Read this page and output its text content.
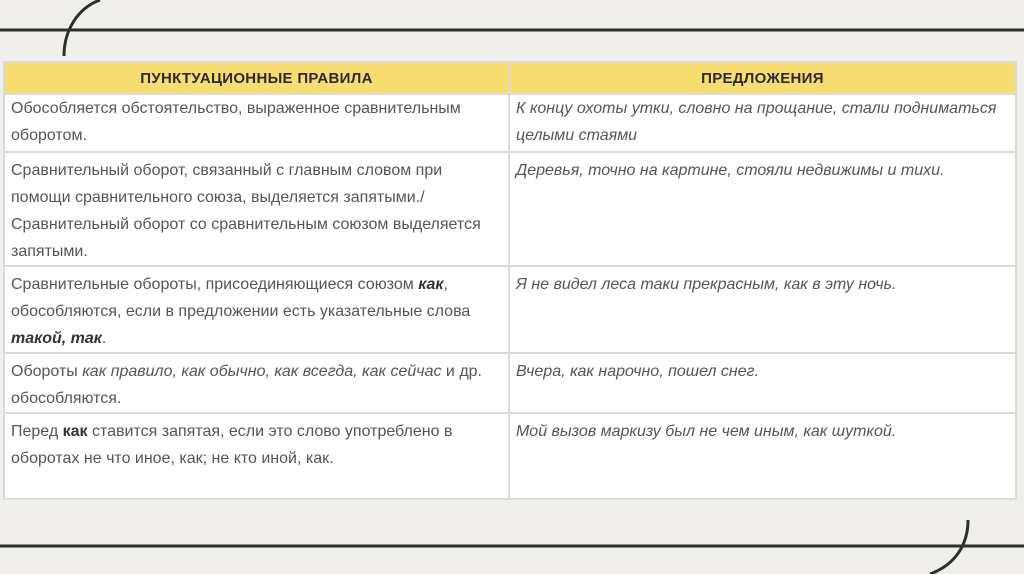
ПУНКТУАЦИОННЫЕ ПРАВИЛА	ПРЕДЛОЖЕНИЯ
Обособляется обстоятельство, выраженное сравнительным оборотом.	К концу охоты утки, словно на прощание, стали подниматься целыми стаями
Сравнительный оборот, связанный с главным словом при помощи сравнительного союза, выделяется запятыми./ Сравнительный оборот со сравнительным союзом выделяется запятыми.	Деревья, точно на картине, стояли недвижимы и тихи.
Сравнительные обороты, присоединяющиеся союзом как, обособляются, если в предложении есть указательные слова такой, так.	Я не видел леса таки прекрасным, как в эту ночь.
Обороты как правило, как обычно, как всегда, как сейчас и др. обособляются.	Вчера, как нарочно, пошел снег.
Перед как ставится запятая, если это слово употреблено в оборотах не что иное, как; не кто иной, как.	Мой вызов маркизу был не чем иным, как шуткой.
